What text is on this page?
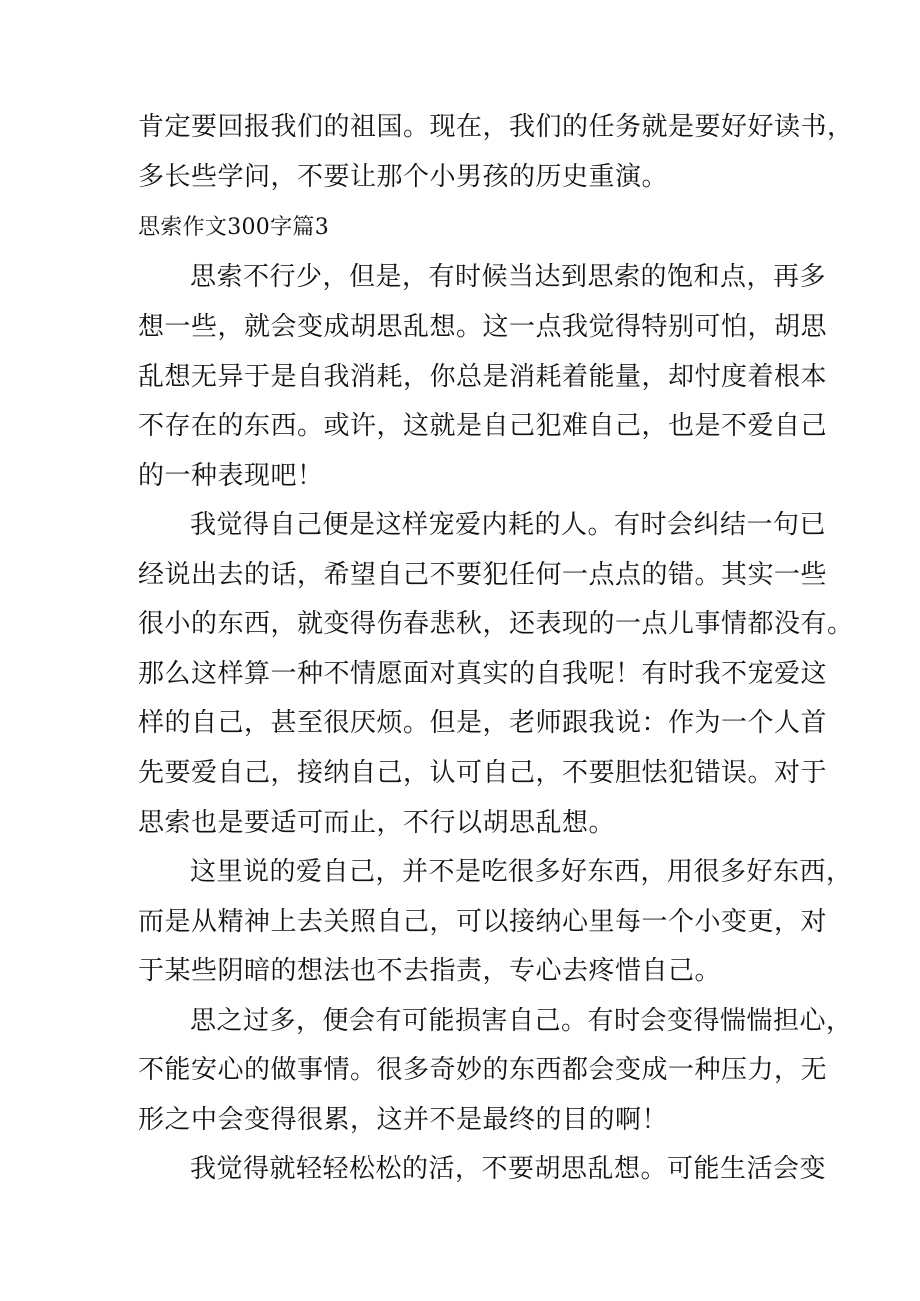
肯定要回报我们的祖国。现在，我们的任务就是要好好读书，
多长些学问，不要让那个小男孩的历史重演。
思索作文300字篇3
思索不行少，但是，有时候当达到思索的饱和点，再多
想一些，就会变成胡思乱想。这一点我觉得特别可怕，胡思
乱想无异于是自我消耗，你总是消耗着能量，却忖度着根本
不存在的东西。或许，这就是自己犯难自己，也是不爱自己
的一种表现吧！
我觉得自己便是这样宠爱内耗的人。有时会纠结一句已
经说出去的话，希望自己不要犯任何一点点的错。其实一些
很小的东西，就变得伤春悲秋，还表现的一点儿事情都没有。
那么这样算一种不情愿面对真实的自我呢！有时我不宠爱这
样的自己，甚至很厌烦。但是，老师跟我说：作为一个人首
先要爱自己，接纳自己，认可自己，不要胆怯犯错误。对于
思索也是要适可而止，不行以胡思乱想。
这里说的爱自己，并不是吃很多好东西，用很多好东西，
而是从精神上去关照自己，可以接纳心里每一个小变更，对
于某些阴暗的想法也不去指责，专心去疼惜自己。
思之过多，便会有可能损害自己。有时会变得惴惴担心，
不能安心的做事情。很多奇妙的东西都会变成一种压力，无
形之中会变得很累，这并不是最终的目的啊！
我觉得就轻轻松松的活，不要胡思乱想。可能生活会变
